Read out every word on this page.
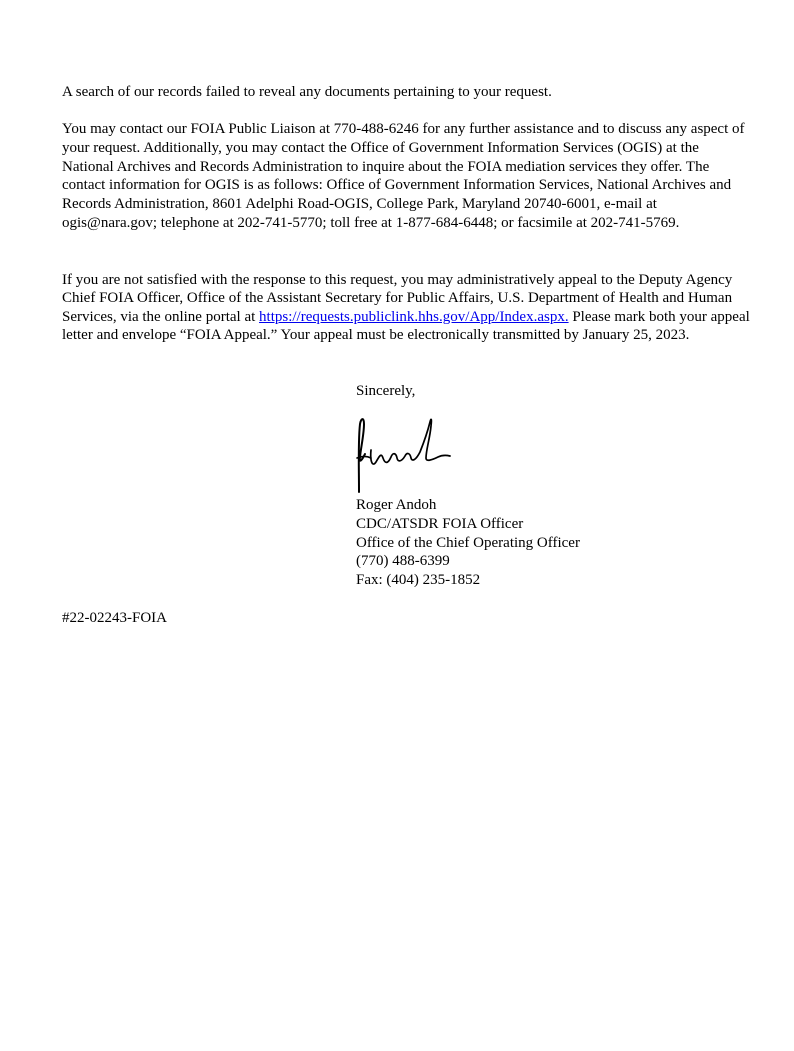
A search of our records failed to reveal any documents pertaining to your request.

You may contact our FOIA Public Liaison at 770-488-6246 for any further assistance and to discuss any aspect of your request. Additionally, you may contact the Office of Government Information Services (OGIS) at the National Archives and Records Administration to inquire about the FOIA mediation services they offer. The contact information for OGIS is as follows: Office of Government Information Services, National Archives and Records Administration, 8601 Adelphi Road-OGIS, College Park, Maryland 20740-6001, e-mail at ogis@nara.gov; telephone at 202-741-5770; toll free at 1-877-684-6448; or facsimile at 202-741-5769.

If you are not satisfied with the response to this request, you may administratively appeal to the Deputy Agency Chief FOIA Officer, Office of the Assistant Secretary for Public Affairs, U.S. Department of Health and Human Services, via the online portal at https://requests.publiclink.hhs.gov/App/Index.aspx. Please mark both your appeal letter and envelope “FOIA Appeal.” Your appeal must be electronically transmitted by January 25, 2023.

Sincerely,

Roger Andoh
CDC/ATSDR FOIA Officer
Office of the Chief Operating Officer
(770) 488-6399
Fax: (404) 235-1852

#22-02243-FOIA
